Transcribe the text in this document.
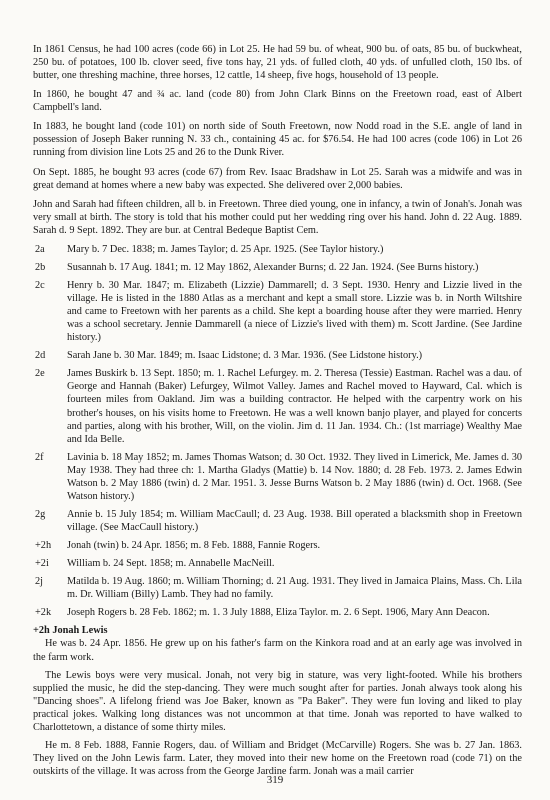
In 1861 Census, he had 100 acres (code 66) in Lot 25. He had 59 bu. of wheat, 900 bu. of oats, 85 bu. of buckwheat, 250 bu. of potatoes, 100 lb. clover seed, five tons hay, 21 yds. of fulled cloth, 40 yds. of unfulled cloth, 150 lbs. of butter, one threshing machine, three horses, 12 cattle, 14 sheep, five hogs, household of 13 people.

In 1860, he bought 47 and ¾ ac. land (code 80) from John Clark Binns on the Freetown road, east of Albert Campbell's land.

In 1883, he bought land (code 101) on north side of South Freetown, now Nodd road in the S.E. angle of land in possession of Joseph Baker running N. 33 ch., containing 45 ac. for $76.54. He had 100 acres (code 106) in Lot 26 running from division line Lots 25 and 26 to the Dunk River.

On Sept. 1885, he bought 93 acres (code 67) from Rev. Isaac Bradshaw in Lot 25. Sarah was a midwife and was in great demand at homes where a new baby was expected. She delivered over 2,000 babies.

John and Sarah had fifteen children, all b. in Freetown. Three died young, one in infancy, a twin of Jonah's. Jonah was very small at birth. The story is told that his mother could put her wedding ring over his hand. John d. 22 Aug. 1889. Sarah d. 9 Sept. 1892. They are bur. at Central Bedeque Baptist Cem.

2a	Mary b. 7 Dec. 1838; m. James Taylor; d. 25 Apr. 1925. (See Taylor history.)
2b	Susannah b. 17 Aug. 1841; m. 12 May 1862, Alexander Burns; d. 22 Jan. 1924. (See Burns history.)
2c	Henry b. 30 Mar. 1847; m. Elizabeth (Lizzie) Dammarell; d. 3 Sept. 1930. Henry and Lizzie lived in the village. He is listed in the 1880 Atlas as a merchant and kept a small store. Lizzie was b. in North Wiltshire and came to Freetown with her parents as a child. She kept a boarding house after they were married. Henry was a school secretary. Jennie Dammarell (a niece of Lizzie's lived with them) m. Scott Jardine. (See Jardine history.)
2d	Sarah Jane b. 30 Mar. 1849; m. Isaac Lidstone; d. 3 Mar. 1936. (See Lidstone history.)
2e	James Buskirk b. 13 Sept. 1850; m. 1. Rachel Lefurgey. m. 2. Theresa (Tessie) Eastman. Rachel was a dau. of George and Hannah (Baker) Lefurgey, Wilmot Valley. James and Rachel moved to Hayward, Cal. which is fourteen miles from Oakland. Jim was a building contractor. He helped with the carpentry work on his brother's houses, on his visits home to Freetown. He was a well known banjo player, and played for concerts and parties, along with his brother, Will, on the violin. Jim d. 11 Jan. 1934. Ch.: (1st marriage) Wealthy Mae and Ida Belle.
2f	Lavinia b. 18 May 1852; m. James Thomas Watson; d. 30 Oct. 1932. They lived in Limerick, Me. James d. 30 May 1938. They had three ch: 1. Martha Gladys (Mattie) b. 14 Nov. 1880; d. 28 Feb. 1973. 2. James Edwin Watson b. 2 May 1886 (twin) d. 2 Mar. 1951. 3. Jesse Burns Watson b. 2 May 1886 (twin) d. Oct. 1968. (See Watson history.)
2g	Annie b. 15 July 1854; m. William MacCaull; d. 23 Aug. 1938. Bill operated a blacksmith shop in Freetown village. (See MacCaull history.)
+2h	Jonah (twin) b. 24 Apr. 1856; m. 8 Feb. 1888, Fannie Rogers.
+2i	William b. 24 Sept. 1858; m. Annabelle MacNeill.
2j	Matilda b. 19 Aug. 1860; m. William Thorning; d. 21 Aug. 1931. They lived in Jamaica Plains, Mass. Ch. Lila m. Dr. William (Billy) Lamb. They had no family.
+2k	Joseph Rogers b. 28 Feb. 1862; m. 1. 3 July 1888, Eliza Taylor. m. 2. 6 Sept. 1906, Mary Ann Deacon.
+2h Jonah Lewis

He was b. 24 Apr. 1856. He grew up on his father's farm on the Kinkora road and at an early age was involved in the farm work.

The Lewis boys were very musical. Jonah, not very big in stature, was very light-footed. While his brothers supplied the music, he did the step-dancing. They were much sought after for parties. Jonah always took along his "Dancing shoes". A lifelong friend was Joe Baker, known as "Pa Baker". They were fun loving and liked to play practical jokes. Walking long distances was not uncommon at that time. Jonah was reported to have walked to Charlottetown, a distance of some thirty miles.

He m. 8 Feb. 1888, Fannie Rogers, dau. of William and Bridget (McCarville) Rogers. She was b. 27 Jan. 1863. They lived on the John Lewis farm. Later, they moved into their new home on the Freetown road (code 71) on the outskirts of the village. It was across from the George Jardine farm. Jonah was a mail carrier

319
